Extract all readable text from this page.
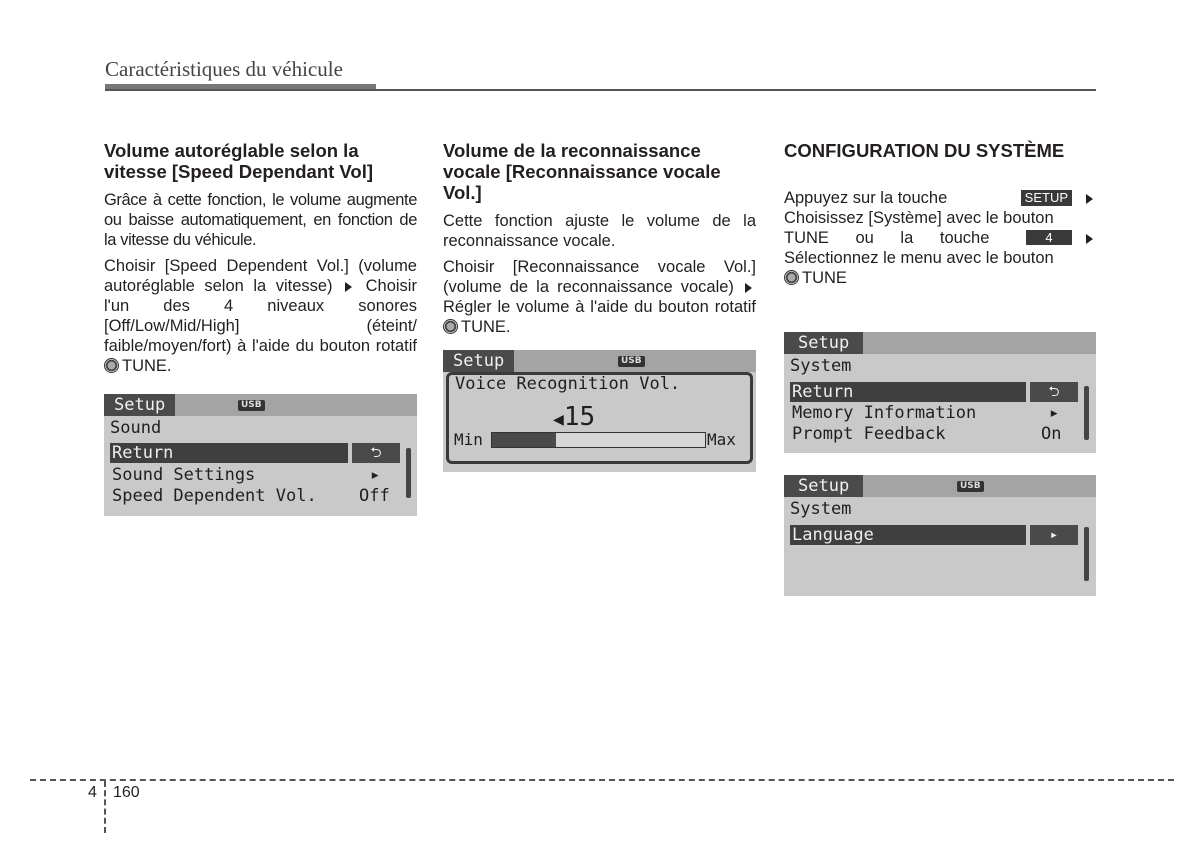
Caractéristiques du véhicule
Volume autoréglable selon la vitesse [Speed Dependant Vol]
Grâce à cette fonction, le volume augmente ou baisse automatiquement, en fonction de la vitesse du véhicule.
Choisir [Speed Dependent Vol.] (volume autoréglable selon la vitesse) Choisir l'un des 4 niveaux sonores [Off/Low/Mid/High] (éteint/ faible/moyen/fort) à l'aide du bouton rotatif TUNE.
Setup	USB
Sound
Return	⮌
Sound Settings	▸
Speed Dependent Vol. Off
Volume de la reconnaissance vocale [Reconnaissance vocale Vol.]
Cette fonction ajuste le volume de la reconnaissance vocale.
Choisir [Reconnaissance vocale Vol.] (volume de la reconnaissance vocale)  Régler le volume à l'aide du bouton rotatif TUNE.
Setup	USB
Voice Recognition Vol.
◀15
Min	Max
CONFIGURATION DU SYSTÈME
Appuyez sur la touche	SETUP
Choisissez [Système] avec le bouton
TUNE ou la touche	4
Sélectionnez le menu avec le bouton
TUNE
Setup
System
Return	⮌
Memory Information	▸
Prompt Feedback	On
Setup	USB
System
Language	▸
4 160
